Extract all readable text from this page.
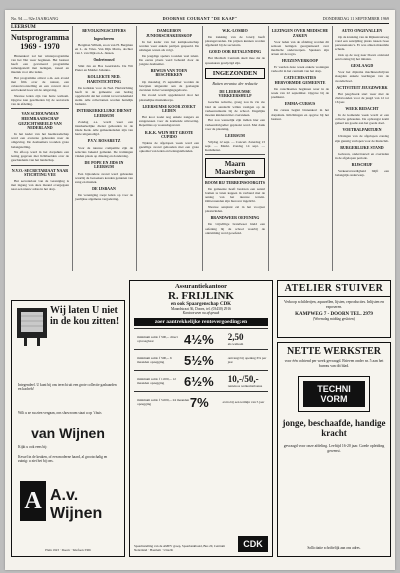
No. 94 — 92e JAARGANG	DOORNSE COURANT "DE KAAP"	DONDERDAG 11 SEPTEMBER 1969
LEERSUM
Nutsprogramma 1969 - 1970

Binnenkort zal het winterprogramma van het Nut weer beginnen. Het bestuur heeft een gevarieerd programma samengesteld met lezingen, toneel en muziek voor alle leden.

Het programma omvat o.m. een avond met film over de natuur, een cabaretvoorstelling en een concert door een bekend koor uit de omgeving.

Nieuwe leden zijn van harte welkom. Opgave kan geschieden bij de secretaris van de afdeling.

VAN SCHOUWMAN HEEMRAADSCHAP GEZICHTSBEELD VAN NEDERLAND

In het kader van het heemraadschap werd een excursie gehouden naar de omgeving. De deelnemers toonden grote belangstelling.

Na afloop werd in het dorpshuis een lezing gegeven met lichtbeelden over de geschiedenis van het landschap.

N.V.O.-SECRETARIAAT NAAR STICHTING VEE

Het secretariaat van de vereniging is met ingang van deze maand overgegaan naar een nieuw adres in het dorp.

BEVOLKINGSCIJFERS
Ingeschreven

Bergman Willem, zoon van H. Bergman en L. de Vries. Van Dijk Maria, dochter van J. van Dijk en A. Jansen.

Ondertrouwd

Smit Jan en Bos Geertruida. De Wit Pieter en Mulder Johanna.

KOLLEKTE NED. HARTSTICHTING

De kollekte voor de Ned. Hartstichting heeft in de gemeente een bedrag opgebracht dat het comité tot tevredenheid stemt. Alle collectanten worden hartelijk bedankt.

INTERKERKELIJKE DIENST LEERSUM

Zondag a.s. wordt weer een interkerkelijke dienst gehouden in de Oude Kerk. Alle gemeenteleden zijn van harte uitgenodigd.

P.V.V. ROSARETZ

Voor de nieuwe competitie zijn de selecties bekend gemaakt. De trainingen vinden plaats op dinsdag en donderdag.

DE POPE EN JIDS IN LEERSUM

Een bijzondere avond werd gehouden waarbij de bezoekers konden genieten van zang en muziek.

DE IJSBAAN

De vereniging roept leden op voor de jaarlijkse algemene vergadering.

DAMGEBON JUNIORSCHAKERSKOP

In het kader van het kampioenschap werden weer enkele partijen gespeeld. De uitslagen waren als volgt.

De jeugdige spelers toonden veel talent. De eerste plaats werd behaald door de jongste deelnemer.

BEWIJS VAN TOEN BESCHIKKEN

Op maandag 15 september worden de bewijzen uitgereikt aan de geslaagde cursisten in het verenigingsgebouw.

De avond wordt opgeluisterd door het plaatselijke muziekkorps.

LEERSUMSE KOOR ZOEKT LEDEN

Het koor zoekt nog enkele zangers en zangeressen voor de komende uitvoering. Repetities op woensdagavond.

R.K.K. WIJN HET GROTE CUPIDO

Tijdens de afgelopen week werd een gezellige avond gehouden met een grote opkomst van leden en belangstellenden.

W.K.-LOSBIO

De trekking van de loterij heeft plaatsgevonden. De prijzen kunnen worden afgehaald bij de secretaris.

GOED OOR BETALENDING

Het Medisch Centrum deelt mee dat de spreekuren gewijzigd zijn.

INGEZONDEN
Buiten verantw. der redactie
DE LEERSUMSE VERKEERSHULP

Geachte redactie, graag zou ik via uw blad de aandacht willen vestigen op de verkeerssituatie bij de school. Dagelijks moeten kinderen hier oversteken.

Het zou wenselijk zijn indien hier een verkeersbrigadier geplaatst werd. Met dank voor de plaatsing.

LEERSUM

Vrijdag 12 sept. — Concert. Zaterdag 13 sept. — Markt. Zondag 14 sept. — Kerkdienst.

Maarn Maarsbergen
BOOM BIJ TERREINSOORGITS

De gemeente heeft besloten een aantal bomen te laten kappen in verband met de aanleg van het nieuwe terrein. Omwonenden zijn hierover ingelicht.

Nieuwe aanplant zal in het voorjaar plaatsvinden.

BRANDWEER OEFENING

De vrijwillige brandweer hield een oefening bij de school waarbij de ontruiming werd geoefend.

LEZINGEN OVER MEDISCHE ZAKEN

Voor leden van de afdeling worden dit seizoen lezingen georganiseerd over medische onderwerpen. Sprekers zijn artsen uit de regio.

HUIZENVERKOOP

Er werden deze week enkele woningen verkocht in het centrum van het dorp.

CATECHISATIES HERVORMDE GEMEENTE

De catechisaties beginnen weer in de week van 22 september. Opgave bij de predikant.

EMMA-CURSUS

De cursus begint binnenkort in het dorpshuis. Inlichtingen en opgave bij het bestuur.

AUTO ONGEVALLEN

Op de kruising van de Rijksstraatweg vond een aanrijding plaats tussen twee personenauto's. Er was alleen materiële schade.

Ook op de weg naar Doorn ontstond een botsing bij het inhalen.

GESLAAGD

Voor het diploma machineschrijven slaagden enkele leerlingen van de avondschool.

ACTIVITEIT JEUGDWERK

Het jeugdwerk start weer met de clubavonden voor de jeugd van 12 tot 16 jaar.

WEEK BEDACHT

In de komende week wordt er een collecte gehouden. De opbrengst komt geheel ten goede aan het goede doel.

VOETBALPARTIJEN

Uitslagen van de afgelopen zondag zijn gunstig verlopen voor de thuisclub.

BURGERLIJKE STAND

Geboren, ondertrouwd en overleden in de afgelopen periode.

RIJSCHIJF

Verkeersvaardigheid blijft een belangrijk onderwerp.

Wij laten U niet in de kou zitten!
Integendeel. U kunt bij ons terecht uit een grote collectie gashaarden en kachels!
Wilt u ze nu zien vergaan, ons showroom staat u op 't huis
van Wijnen
Kijkt u ook eens bij:
Kessel in de keuken, of een moderne haard, al grootschalig en zuinig: u ziet het bij ons.
A A.v. Wijnen
Plein 1923 · Doorn · Telefoon 3306
Assurantiekantoor
R. FRIJLINK
en ook Spaargenschap CDK
Maandstraat 36, Doorn, tel. (03430) 2916
Kantooruren na afspraak
zoer aantrekkelijke rentevergoeding:en
minimum saldo f 500,-- direct opvraagbaar	4½% 2,50
als welkom
minimum saldo f 500,-- 6 maanden opzegging	5½%	ontvangt bij opening 6% per jaar
minimum saldo f 1.000,-- 12 maanden opzegging	6½% 10,-/50,-
renteloos welkomstbonus
minimum saldo f 5.000,-- 24 maanden opzegging	7%	extra bij een termijn van 5 jaar
Spaarinstelling van de AMEV groep, Spaarbankbond, Bus 20, Centrum Nederland · Haarlem · Utrecht
CDK
ATELIER STUIVER
Verkoop schilderijen, aquarellen, lijsten, reproducties. Inlijsten en exposeren.
KAMPWEG 7 - DOORN TEL. 2979
(Woensdag middag gesloten)
NETTE WERKSTER
voor één ochtend per week gevraagd. Brieven onder nr. 5 aan het bureau van dit blad.
TECHNI VORM
jonge, beschaafde, handige kracht
gevraagd voor onze afdeling. Leeftijd 16-20 jaar. Goede opleiding gewenst.
Sollicitatie schriftelijk aan ons adres.
